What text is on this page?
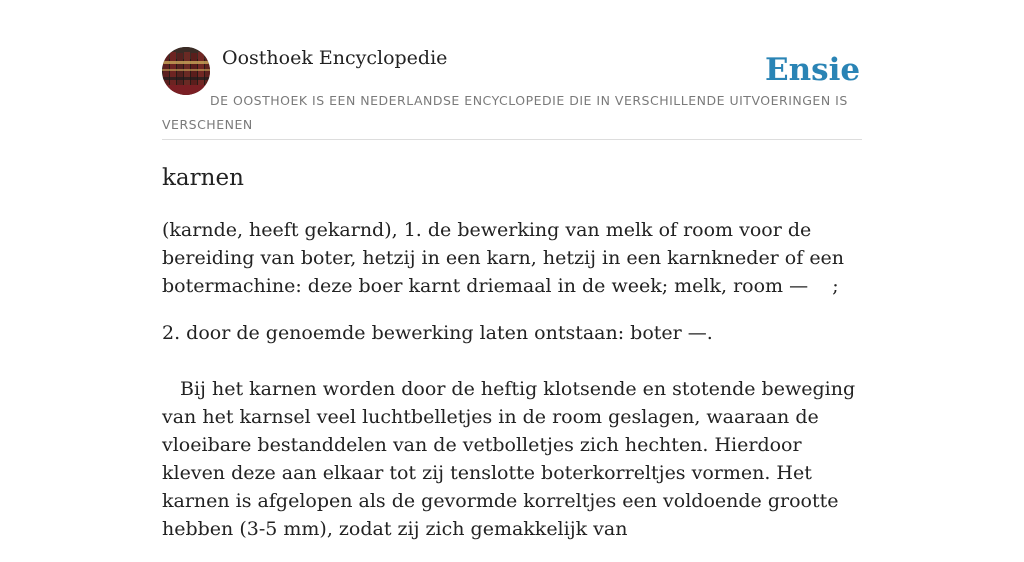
Oosthoek Encyclopedie	Ensie

DE OOSTHOEK IS EEN NEDERLANDSE ENCYCLOPEDIE DIE IN VERSCHILLENDE UITVOERINGEN IS VERSCHENEN

karnen

(karnde, heeft gekarnd), 1. de bewerking van melk of room voor de bereiding van boter, hetzij in een karn, hetzij in een karnkneder of een botermachine: deze boer karnt driemaal in de week; melk, room —    ;

2. door de genoemde bewerking laten ontstaan: boter —.

Bij het karnen worden door de heftig klotsende en stotende beweging van het karnsel veel luchtbelletjes in de room geslagen, waaraan de vloeibare bestanddelen van de vetbolletjes zich hechten. Hierdoor kleven deze aan elkaar tot zij tenslotte boterkorreltjes vormen. Het karnen is afgelopen als de gevormde korreltjes een voldoende grootte hebben (3-5 mm), zodat zij zich gemakkelijk van
